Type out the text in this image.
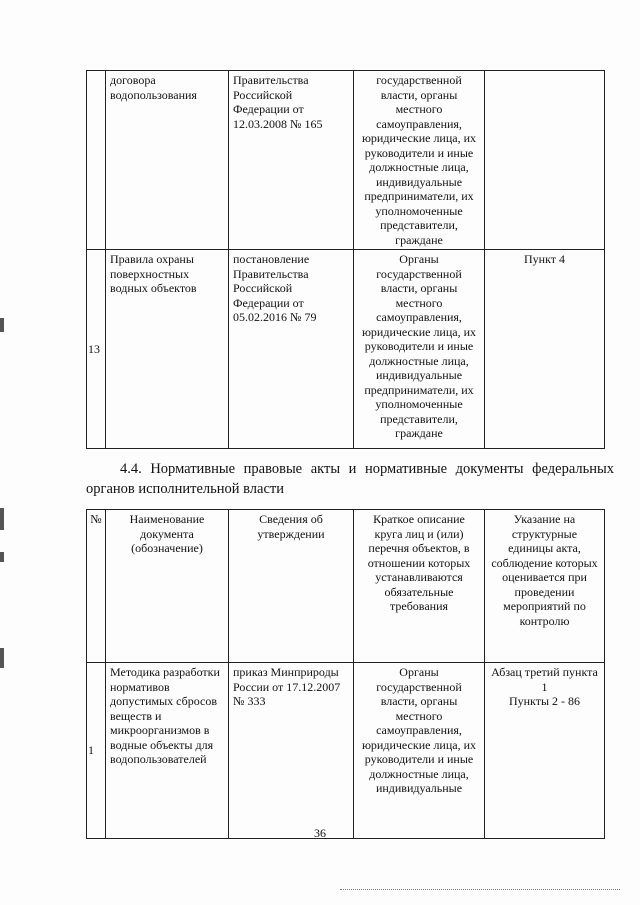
	договора водопользования	Правительства Российской Федерации от 12.03.2008 № 165	государственной власти, органы местного самоуправления, юридические лица, их руководители и иные должностные лица, индивидуальные предприниматели, их уполномоченные представители, граждане	
13	Правила охраны поверхностных водных объектов	постановление Правительства Российской Федерации от 05.02.2016 № 79	Органы государственной власти, органы местного самоуправления, юридические лица, их руководители и иные должностные лица, индивидуальные предприниматели, их уполномоченные представители, граждане	Пункт 4
4.4. Нормативные правовые акты и нормативные документы федеральных
органов исполнительной власти
№	Наименование документа (обозначение)	Сведения об утверждении	Краткое описание круга лиц и (или) перечня объектов, в отношении которых устанавливаются обязательные требования	Указание на структурные единицы акта, соблюдение которых оценивается при проведении мероприятий по контролю
1	Методика разработки нормативов допустимых сбросов веществ и микроорганизмов в водные объекты для водопользователей	приказ Минприроды России от 17.12.2007 № 333	Органы государственной власти, органы местного самоуправления, юридические лица, их руководители и иные должностные лица, индивидуальные	Абзац третий пункта 1
Пункты 2 - 86
36
